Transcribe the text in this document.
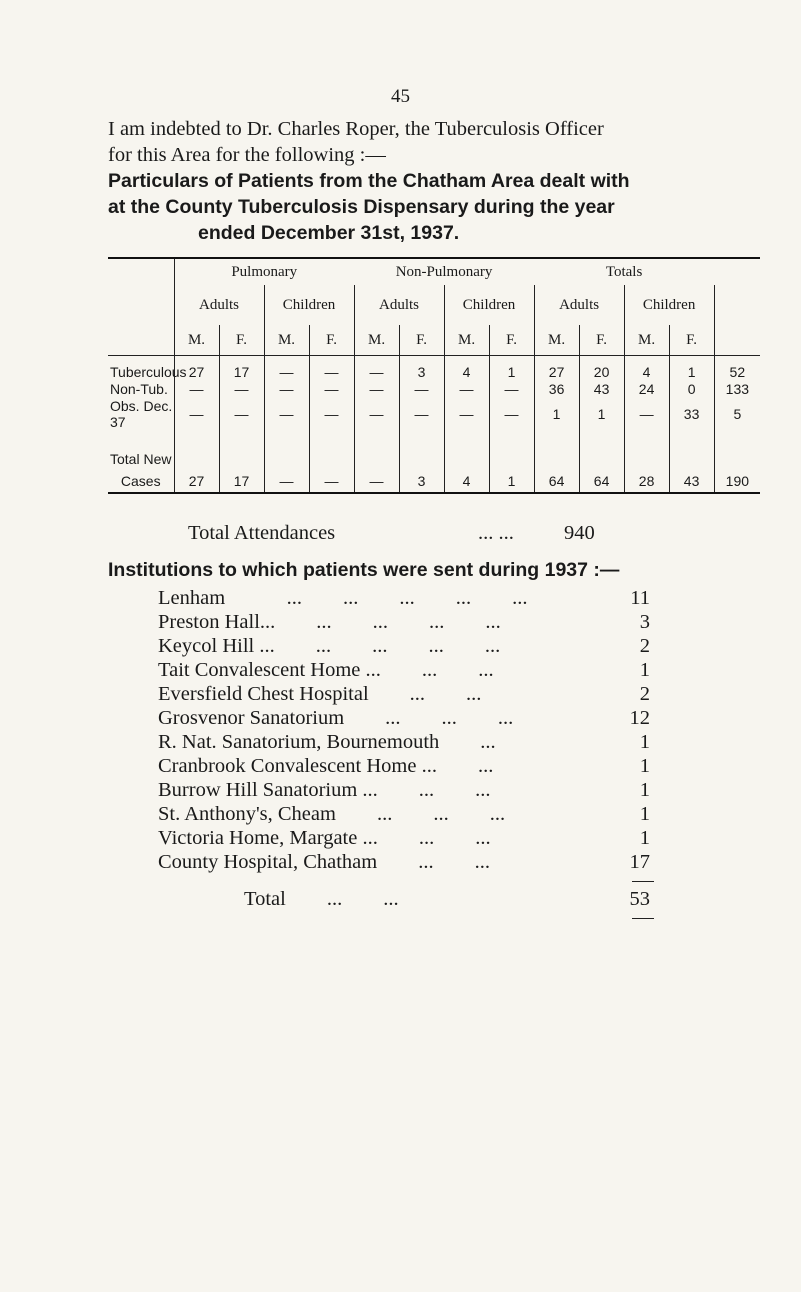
45
I am indebted to Dr. Charles Roper, the Tuberculosis Officer
for this Area for the following :—
Particulars of Patients from the Chatham Area dealt with
at the County Tuberculosis Dispensary during the year
ended December 31st, 1937.
	Pulmonary				Non-Pulmonary				Totals				
	Adults		Children		Adults		Children		Adults		Children		
	M.	F.	M.	F.	M.	F.	M.	F.	M.	F.	M.	F.	

Tuberculous	27	17	—	—	—	3	4	1	27	20	4	1	52
Non-Tub.	—	—	—	—	—	—	—	—	36	43	24	0	133
Obs. Dec. 37	—	—	—	—	—	—	—	—	1	1	—	33	5

Total New													
Cases	27	17	—	—	—	3	4	1	64	64	28	43	190
Total Attendances	... ... 940
Institutions to which patients were sent during 1937 :—
Lenham            ...        ...        ...        ...        ...	11
Preston Hall...        ...        ...        ...        ...	3
Keycol Hill ...        ...        ...        ...        ...	2
Tait Convalescent Home ...        ...        ...	1
Eversfield Chest Hospital        ...        ...	2
Grosvenor Sanatorium        ...        ...        ...	12
R. Nat. Sanatorium, Bournemouth        ...	1
Cranbrook Convalescent Home ...        ...	1
Burrow Hill Sanatorium ...        ...        ...	1
St. Anthony's, Cheam        ...        ...        ...	1
Victoria Home, Margate ...        ...        ...	1
County Hospital, Chatham        ...        ...	17
Total        ...        ...	53
